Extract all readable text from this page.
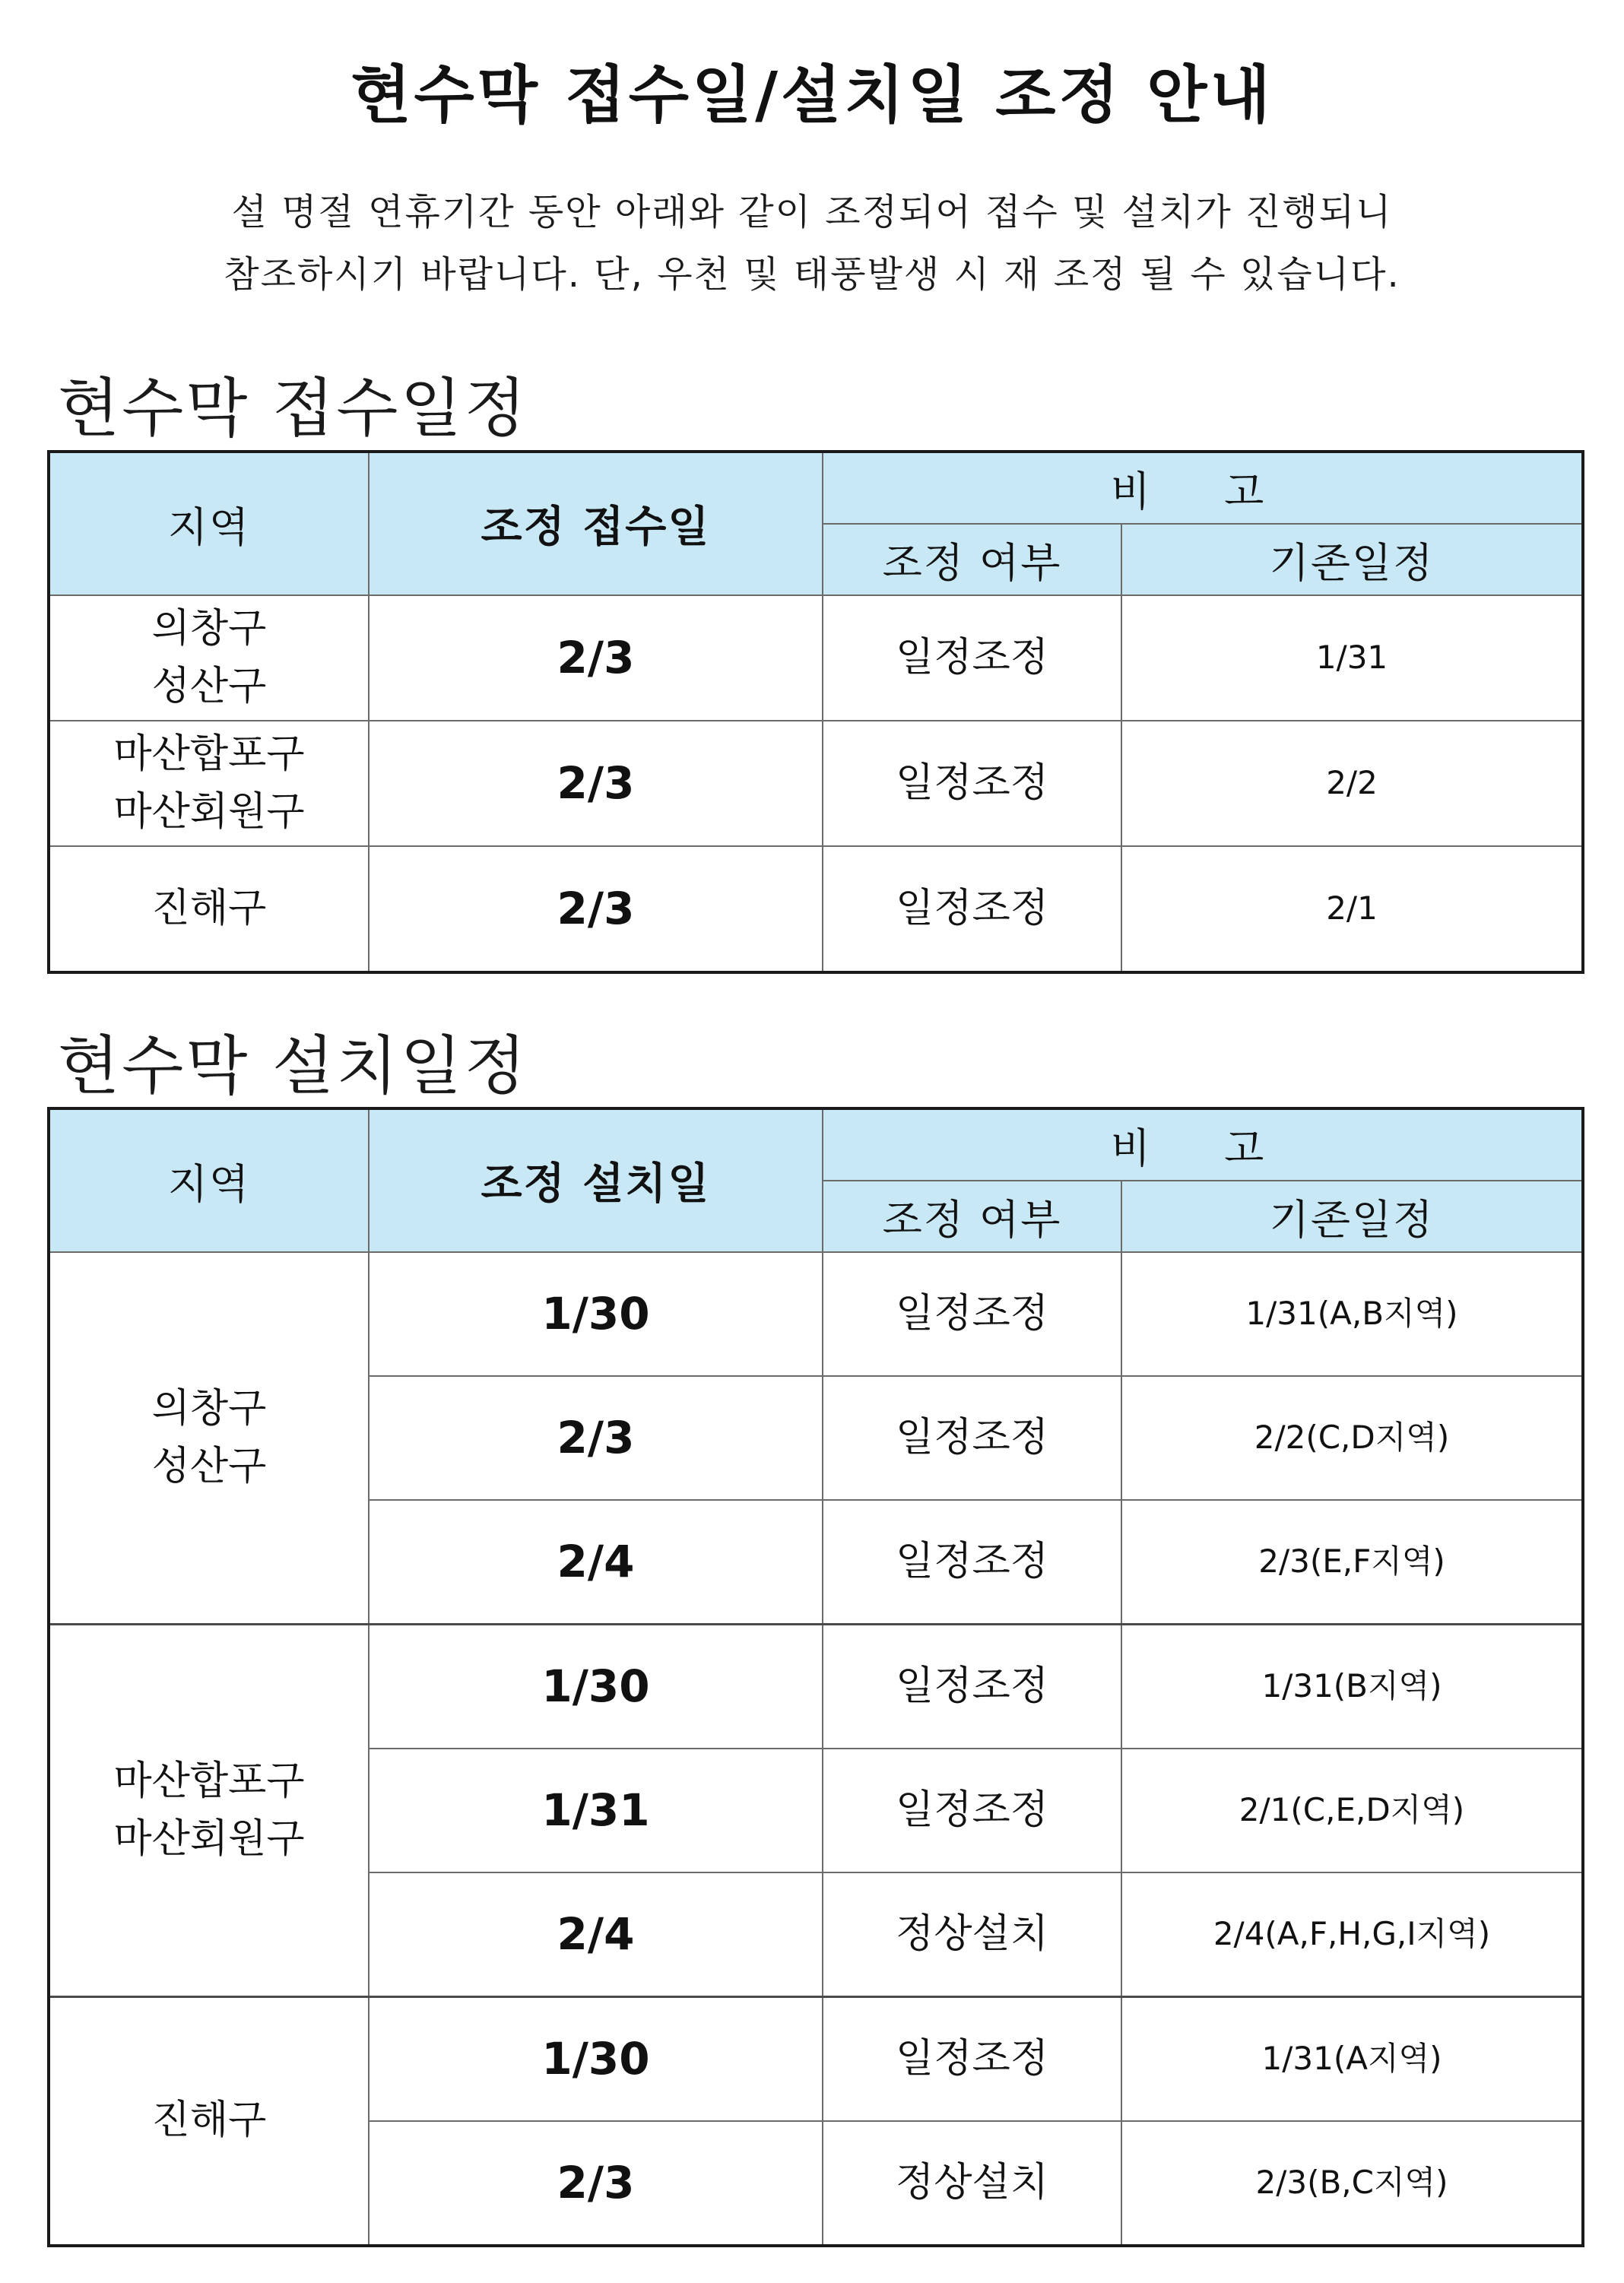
현수막 접수일/설치일 조정 안내
설 명절 연휴기간 동안 아래와 같이 조정되어 접수 및 설치가 진행되니
참조하시기 바랍니다. 단, 우천 및 태풍발생 시 재 조정 될 수 있습니다.
현수막 접수일정
지역	조정 접수일	비 고	
		조정 여부	기존일정

의창구
성산구	2/3	일정조정	1/31

마산합포구
마산회원구	2/3	일정조정	2/2

진해구	2/3	일정조정	2/1
현수막 설치일정
지역	조정 설치일	비 고	
		조정 여부	기존일정

의창구
성산구	1/30	일정조정	1/31(A,B지역)
	2/3	일정조정	2/2(C,D지역)
	2/4	일정조정	2/3(E,F지역)

마산합포구
마산회원구	1/30	일정조정	1/31(B지역)
	1/31	일정조정	2/1(C,E,D지역)
	2/4	정상설치	2/4(A,F,H,G,I지역)

진해구	1/30	일정조정	1/31(A지역)
	2/3	정상설치	2/3(B,C지역)
